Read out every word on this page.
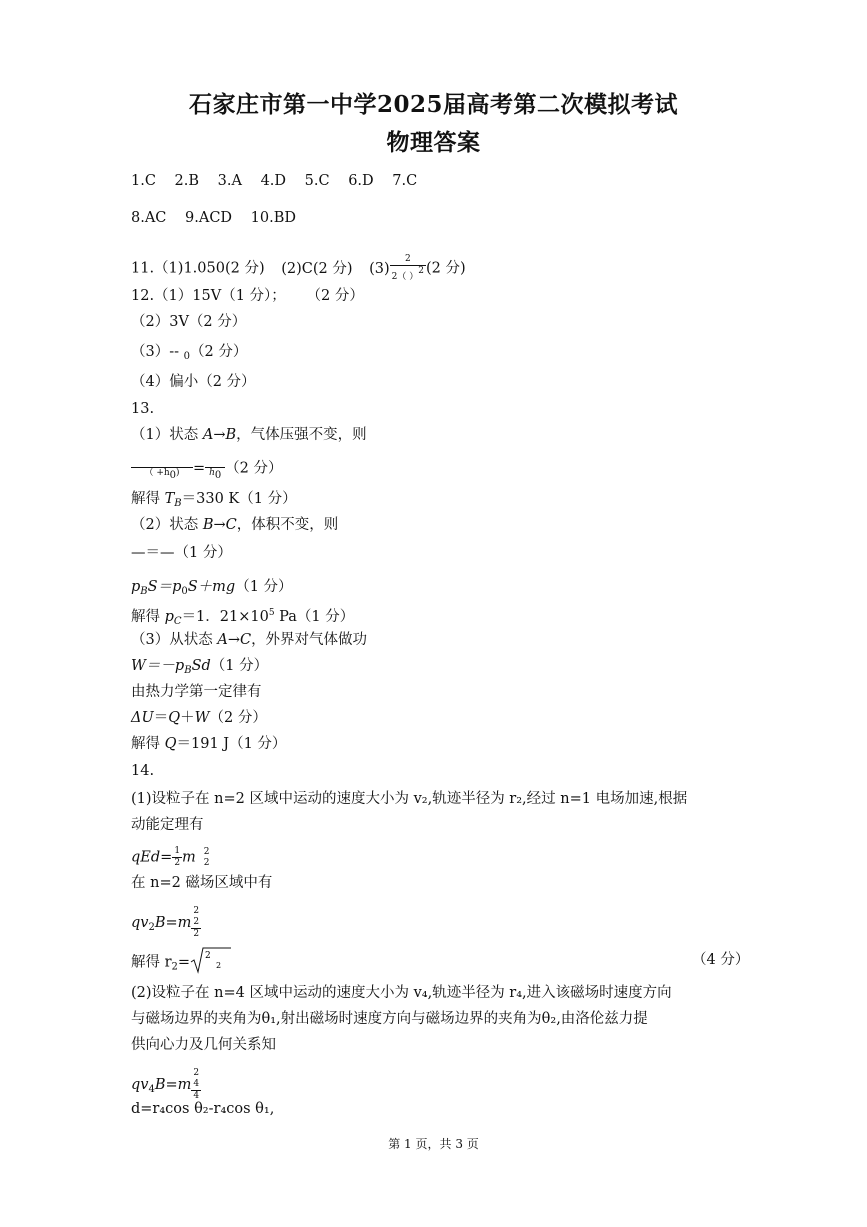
石家庄市第一中学2025届高考第二次模拟考试
物理答案
1.C 2.B 3.A 4.D 5.C 6.D 7.C
8.AC 9.ACD 10.BD
11.（1)1.050(2 分) (2)C(2 分) $(3) \frac{2}{2( )^2} (2$ 分)
12.（1）15V（1 分）； （2 分）
（2）3V（2 分）
（3）-- $_0$（2 分）
（4）偏小（2 分）
13.
（1）状态 A→B，气体压强不变，则

（ $+h_0$) =
$h_0$ （2 分）
解得 $T_B=330$ K（1 分）
（2）状态 B→C，体积不变，则
—＝—（1 分）
$p_BS=p_0S+mg(1$ 分）
解得 $p_C=1$．$21\times 10^5$ Pa（1 分）
（3）从状态 A→C，外界对气体做功
$W=-p_BSd(1$ 分）
由热力学第一定律有
ΔU＝Q＋W（2 分）
解得 Q＝191 J（1 分）
14.
(1)设粒子在 n=2 区域中运动的速度大小为 v₂,轨迹半径为 r₂,经过 n=1 电场加速,根据
动能定理有
$qEd= \frac{1}{2}$ m 2
2
在 n=2 磁场区域中有
$qv_2B=m$
2
2
2
解得 $r_2= 2$
2	（4 分）
(2)设粒子在 n=4 区域中运动的速度大小为 v₄,轨迹半径为 r₄,进入该磁场时速度方向
与磁场边界的夹角为θ₁,射出磁场时速度方向与磁场边界的夹角为θ₂,由洛伦兹力提
供向心力及几何关系知
$qv_4B=m$
2
4
4
d=r₄cos θ₂-r₄cos θ₁,
第 1 页，共 3 页
